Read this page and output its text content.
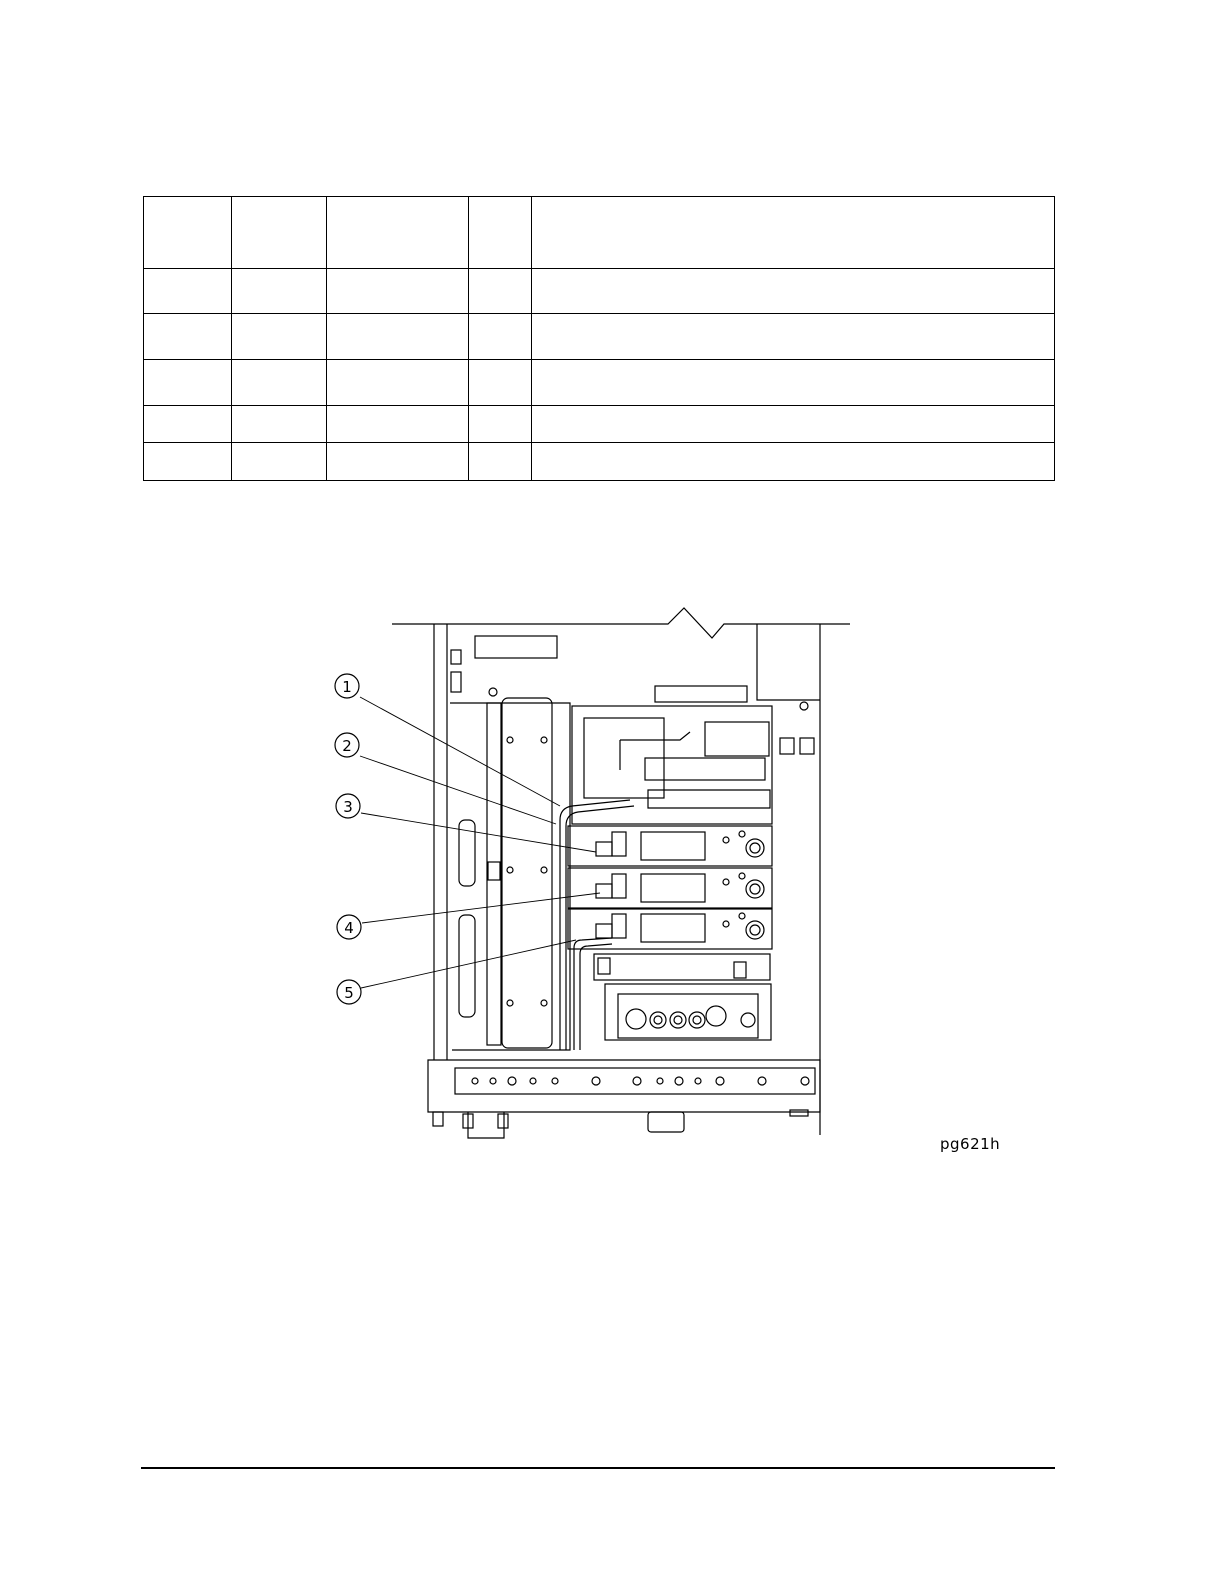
1
2
3
4
5
pg621h
